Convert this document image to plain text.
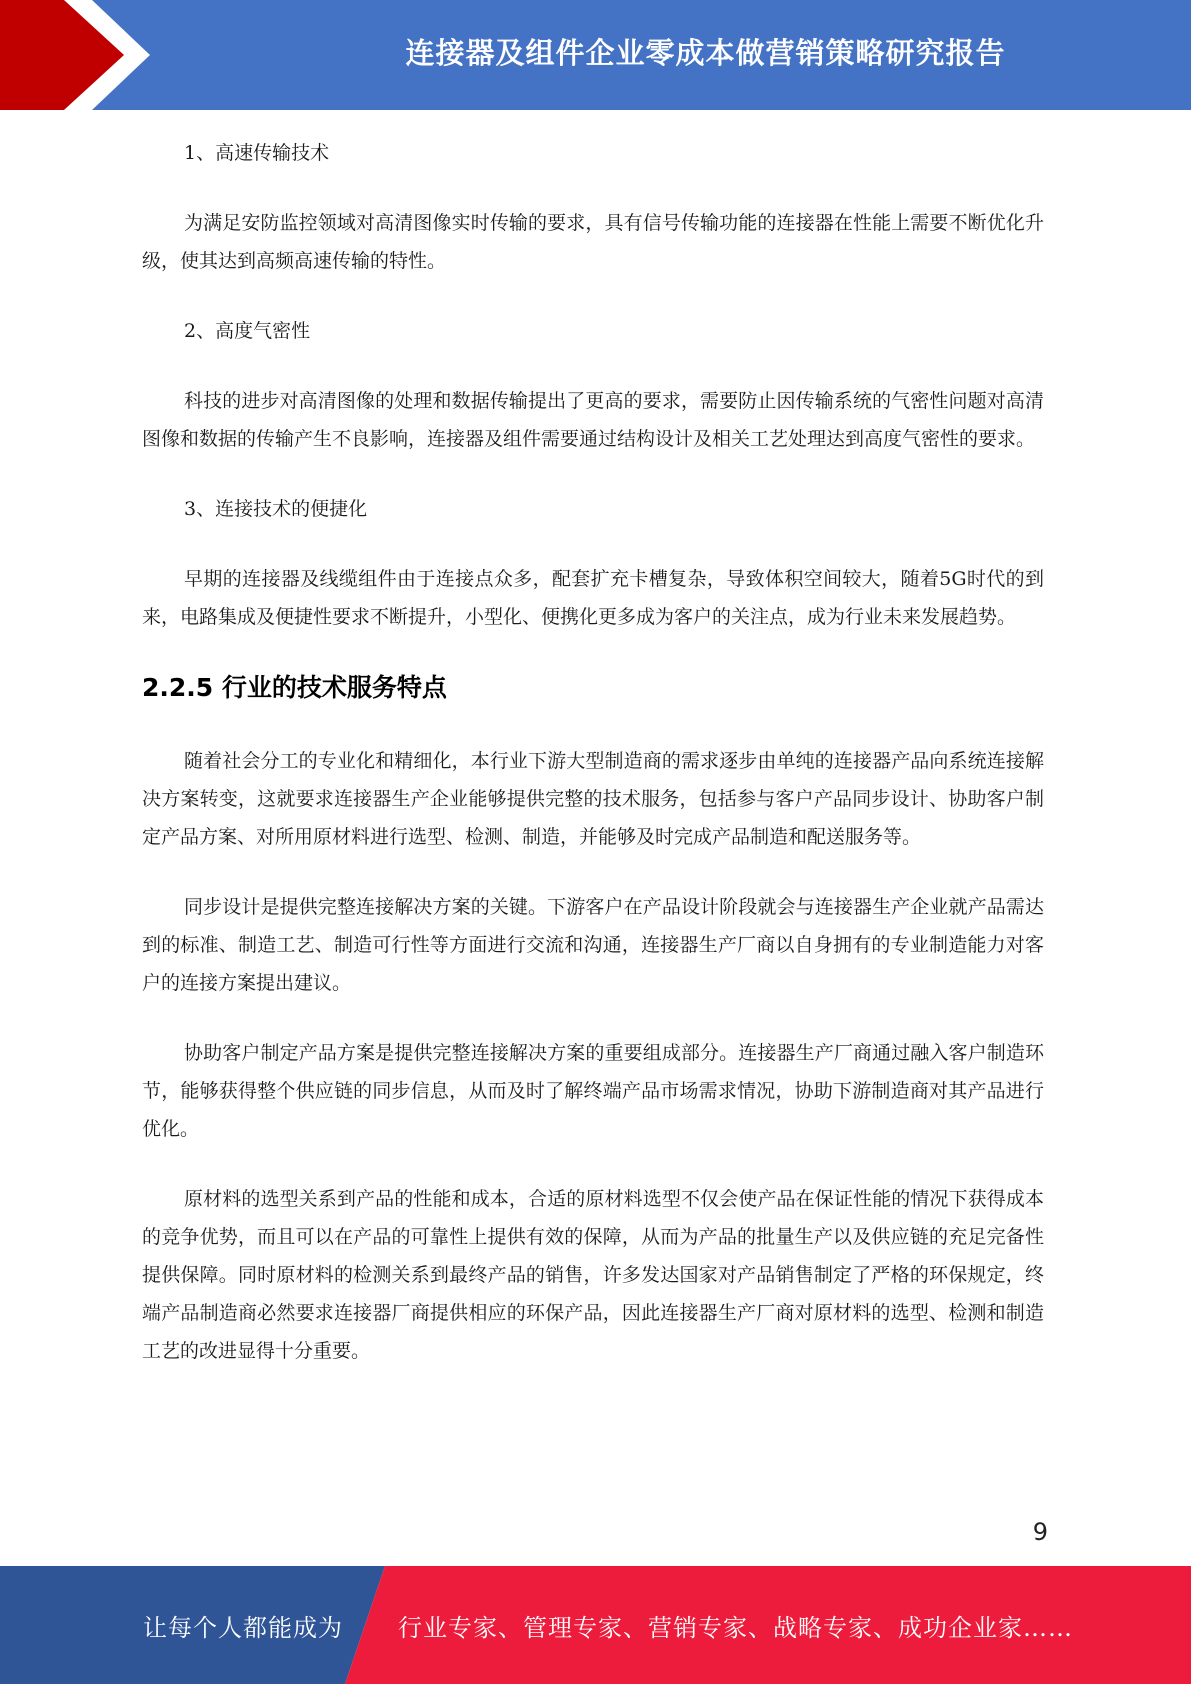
连接器及组件企业零成本做营销策略研究报告

1、高速传输技术

为满足安防监控领域对高清图像实时传输的要求，具有信号传输功能的连接器在性能上需要不断优化升级，使其达到高频高速传输的特性。

2、高度气密性

科技的进步对高清图像的处理和数据传输提出了更高的要求，需要防止因传输系统的气密性问题对高清图像和数据的传输产生不良影响，连接器及组件需要通过结构设计及相关工艺处理达到高度气密性的要求。

3、连接技术的便捷化

早期的连接器及线缆组件由于连接点众多，配套扩充卡槽复杂，导致体积空间较大，随着5G时代的到来，电路集成及便捷性要求不断提升，小型化、便携化更多成为客户的关注点，成为行业未来发展趋势。

2.2.5 行业的技术服务特点

随着社会分工的专业化和精细化，本行业下游大型制造商的需求逐步由单纯的连接器产品向系统连接解决方案转变，这就要求连接器生产企业能够提供完整的技术服务，包括参与客户产品同步设计、协助客户制定产品方案、对所用原材料进行选型、检测、制造，并能够及时完成产品制造和配送服务等。

同步设计是提供完整连接解决方案的关键。下游客户在产品设计阶段就会与连接器生产企业就产品需达到的标准、制造工艺、制造可行性等方面进行交流和沟通，连接器生产厂商以自身拥有的专业制造能力对客户的连接方案提出建议。

协助客户制定产品方案是提供完整连接解决方案的重要组成部分。连接器生产厂商通过融入客户制造环节，能够获得整个供应链的同步信息，从而及时了解终端产品市场需求情况，协助下游制造商对其产品进行优化。

原材料的选型关系到产品的性能和成本，合适的原材料选型不仅会使产品在保证性能的情况下获得成本的竞争优势，而且可以在产品的可靠性上提供有效的保障，从而为产品的批量生产以及供应链的充足完备性提供保障。同时原材料的检测关系到最终产品的销售，许多发达国家对产品销售制定了严格的环保规定，终端产品制造商必然要求连接器厂商提供相应的环保产品，因此连接器生产厂商对原材料的选型、检测和制造工艺的改进显得十分重要。

9
让每个人都能成为 行业专家、管理专家、营销专家、战略专家、成功企业家……
